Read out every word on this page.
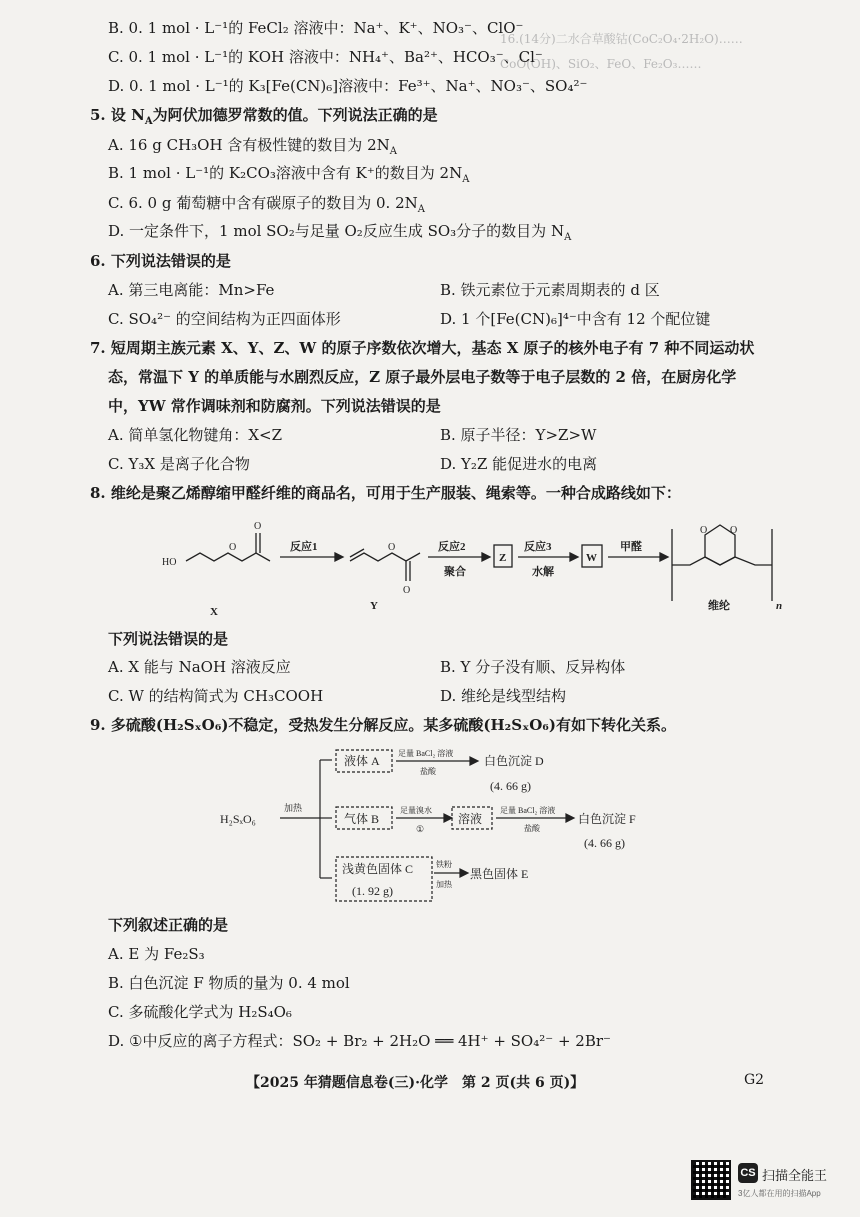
16.(14分)二水合草酸钴(CoC₂O₄·2H₂O)……
CoO(OH)、SiO₂、FeO、Fe₂O₃……
B. 0. 1 mol · L⁻¹的 FeCl₂ 溶液中：Na⁺、K⁺、NO₃⁻、ClO⁻
C. 0. 1 mol · L⁻¹的 KOH 溶液中：NH₄⁺、Ba²⁺、HCO₃⁻、Cl⁻
D. 0. 1 mol · L⁻¹的 K₃[Fe(CN)₆]溶液中：Fe³⁺、Na⁺、NO₃⁻、SO₄²⁻
5. 设 $N_A$为阿伏加德罗常数的值。下列说法正确的是
A. 16 g CH₃OH 含有极性键的数目为 $2N_A$
B. 1 mol · L⁻¹的 K₂CO₃溶液中含有 K⁺的数目为 $2N_A$
C. 6. 0 g 葡萄糖中含有碳原子的数目为 0. $2N_A$
D. 一定条件下，1 mol SO₂与足量 O₂反应生成 SO₃分子的数目为 $N_A$
6. 下列说法错误的是
A. 第三电离能：Mn>Fe	B. 铁元素位于元素周期表的 d 区
C. SO₄²⁻ 的空间结构为正四面体形	D. 1 个[Fe(CN)₆]⁴⁻中含有 12 个配位键
7. 短周期主族元素 X、Y、Z、W 的原子序数依次增大，基态 X 原子的核外电子有 7 种不同运动状
态，常温下 Y 的单质能与水剧烈反应，Z 原子最外层电子数等于电子层数的 2 倍，在厨房化学
中，YW 常作调味剂和防腐剂。下列说法错误的是
A. 简单氢化物键角：X<Z	B. 原子半径：Y>Z>W
C. Y₃X 是离子化合物	D. Y₂Z 能促进水的电离
8. 维纶是聚乙烯醇缩甲醛纤维的商品名，可用于生产服装、绳索等。一种合成路线如下：
HO
O
O
O
O
O O
反应1	反应2
聚合
Z
反应3
水解
W
甲醛
X	Y	维纶	n
下列说法错误的是
A. X 能与 NaOH 溶液反应	B. Y 分子没有顺、反异构体
C. W 的结构简式为 CH₃COOH	D. 维纶是线型结构
9. 多硫酸(H₂SₓO₆)不稳定，受热发生分解反应。某多硫酸(H₂SₓO₆)有如下转化关系。
H₂SₓO₆
加热
液体 A
足量 BaCl₂ 溶液
盐酸
白色沉淀 D
(4. 66 g)
气体 B
足量溴水
①
溶液
足量 BaCl₂ 溶液
盐酸
白色沉淀 F
(4. 66 g)
浅黄色固体 C
(1. 92 g)
铁粉
加热
黑色固体 E
下列叙述正确的是
A. E 为 Fe₂S₃
B. 白色沉淀 F 物质的量为 0. 4 mol
C. 多硫酸化学式为 H₂S₄O₆
D. ①中反应的离子方程式：SO₂ + Br₂ + 2H₂O ══ 4H⁺ + SO₄²⁻ + 2Br⁻
【2025 年猜题信息卷(三)·化学　第 2 页(共 6 页)】	G2
CS 扫描全能王
3亿人都在用的扫描App
